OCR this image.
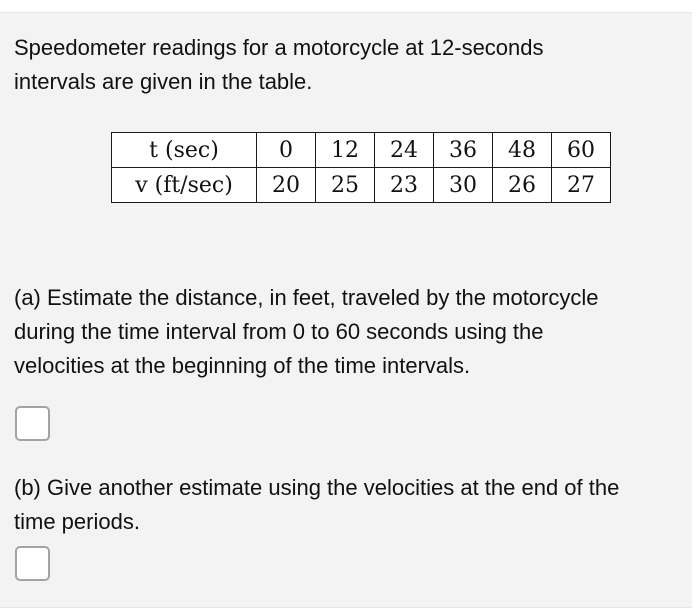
Speedometer readings for a motorcycle at 12-seconds
intervals are given in the table.

t (sec)	0	12	24	36	48	60
v (ft/sec)	20	25	23	30	26	27

(a) Estimate the distance, in feet, traveled by the motorcycle
during the time interval from 0 to 60 seconds using the
velocities at the beginning of the time intervals.

(b) Give another estimate using the velocities at the end of the
time periods.
